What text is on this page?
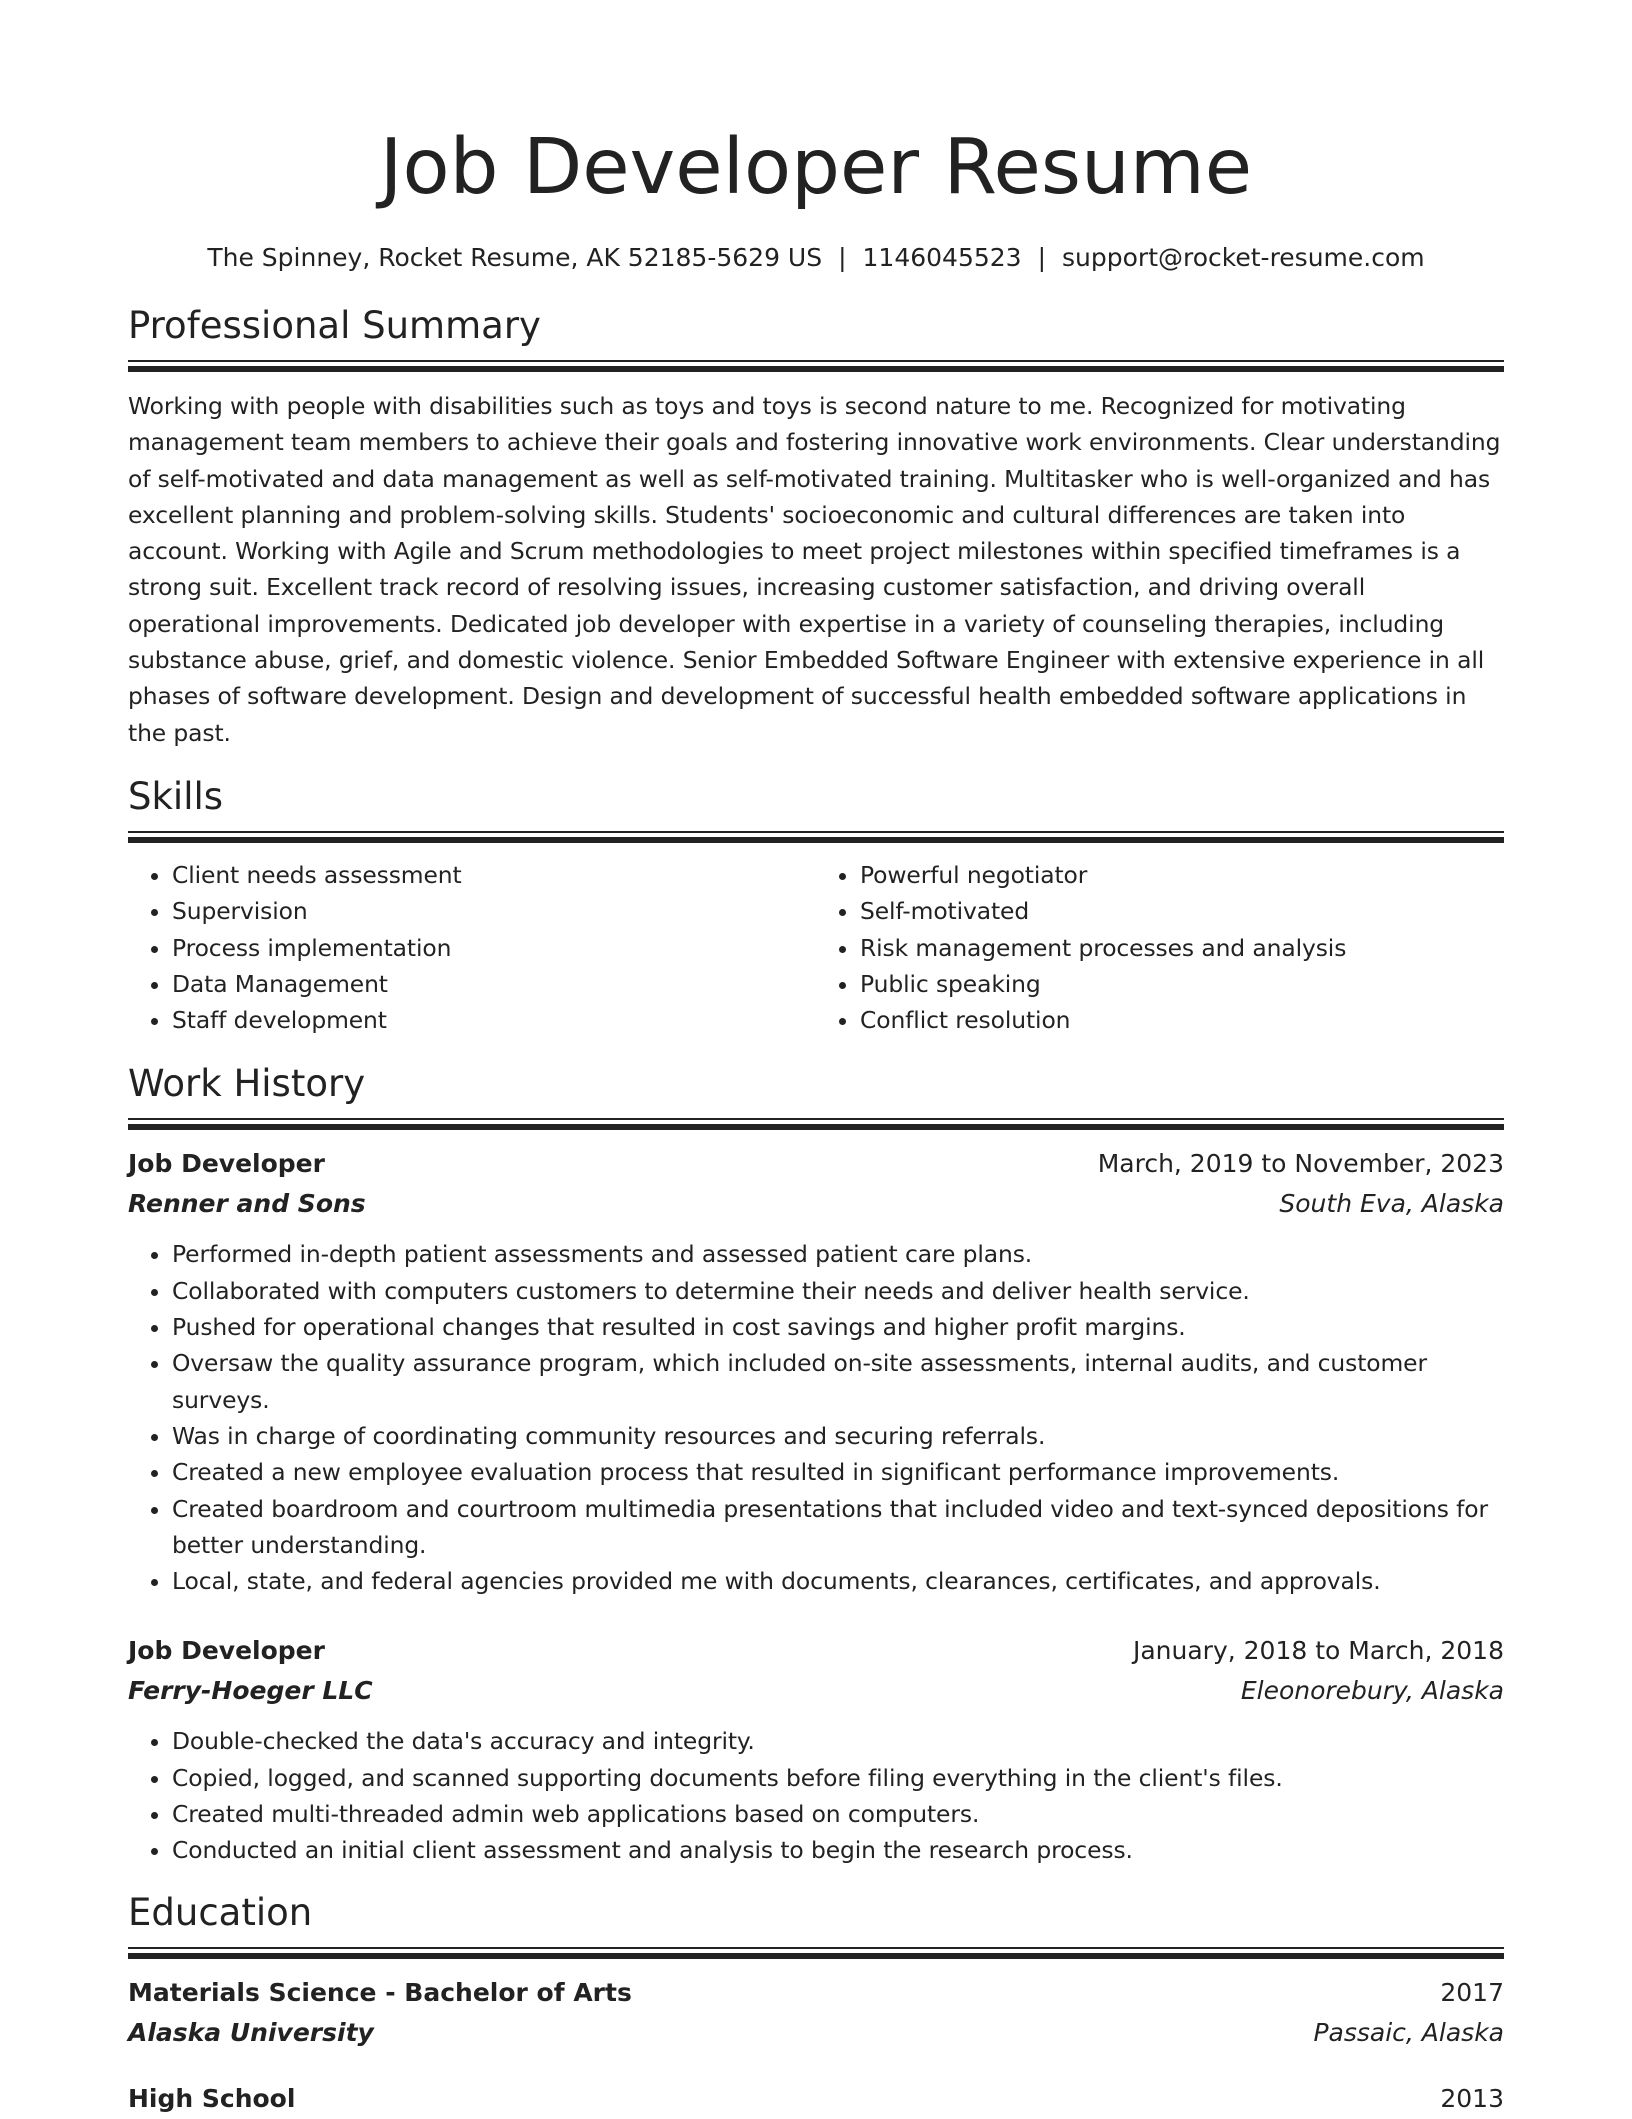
Job Developer Resume
The Spinney, Rocket Resume, AK 52185-5629 US | 1146045523 | support@rocket-resume.com
Professional Summary

Working with people with disabilities such as toys and toys is second nature to me. Recognized for motivating management team members to achieve their goals and fostering innovative work environments. Clear understanding of self-motivated and data management as well as self-motivated training. Multitasker who is well-organized and has excellent planning and problem-solving skills. Students' socioeconomic and cultural differences are taken into account. Working with Agile and Scrum methodologies to meet project milestones within specified timeframes is a strong suit. Excellent track record of resolving issues, increasing customer satisfaction, and driving overall operational improvements. Dedicated job developer with expertise in a variety of counseling therapies, including substance abuse, grief, and domestic violence. Senior Embedded Software Engineer with extensive experience in all phases of software development. Design and development of successful health embedded software applications in the past.

Skills
• Client needs assessment
• Supervision
• Process implementation
• Data Management
• Staff development
• Powerful negotiator
• Self-motivated
• Risk management processes and analysis
• Public speaking
• Conflict resolution
Work History
Job Developer	March, 2019 to November, 2023
Renner and Sons	South Eva, Alaska
• Performed in-depth patient assessments and assessed patient care plans.
• Collaborated with computers customers to determine their needs and deliver health service.
• Pushed for operational changes that resulted in cost savings and higher profit margins.
• Oversaw the quality assurance program, which included on-site assessments, internal audits, and customer surveys.
• Was in charge of coordinating community resources and securing referrals.
• Created a new employee evaluation process that resulted in significant performance improvements.
• Created boardroom and courtroom multimedia presentations that included video and text-synced depositions for better understanding.
• Local, state, and federal agencies provided me with documents, clearances, certificates, and approvals.
Job Developer	January, 2018 to March, 2018
Ferry-Hoeger LLC	Eleonorebury, Alaska
• Double-checked the data's accuracy and integrity.
• Copied, logged, and scanned supporting documents before filing everything in the client's files.
• Created multi-threaded admin web applications based on computers.
• Conducted an initial client assessment and analysis to begin the research process.
Education
Materials Science - Bachelor of Arts	2017
Alaska University	Passaic, Alaska
High School	2013
